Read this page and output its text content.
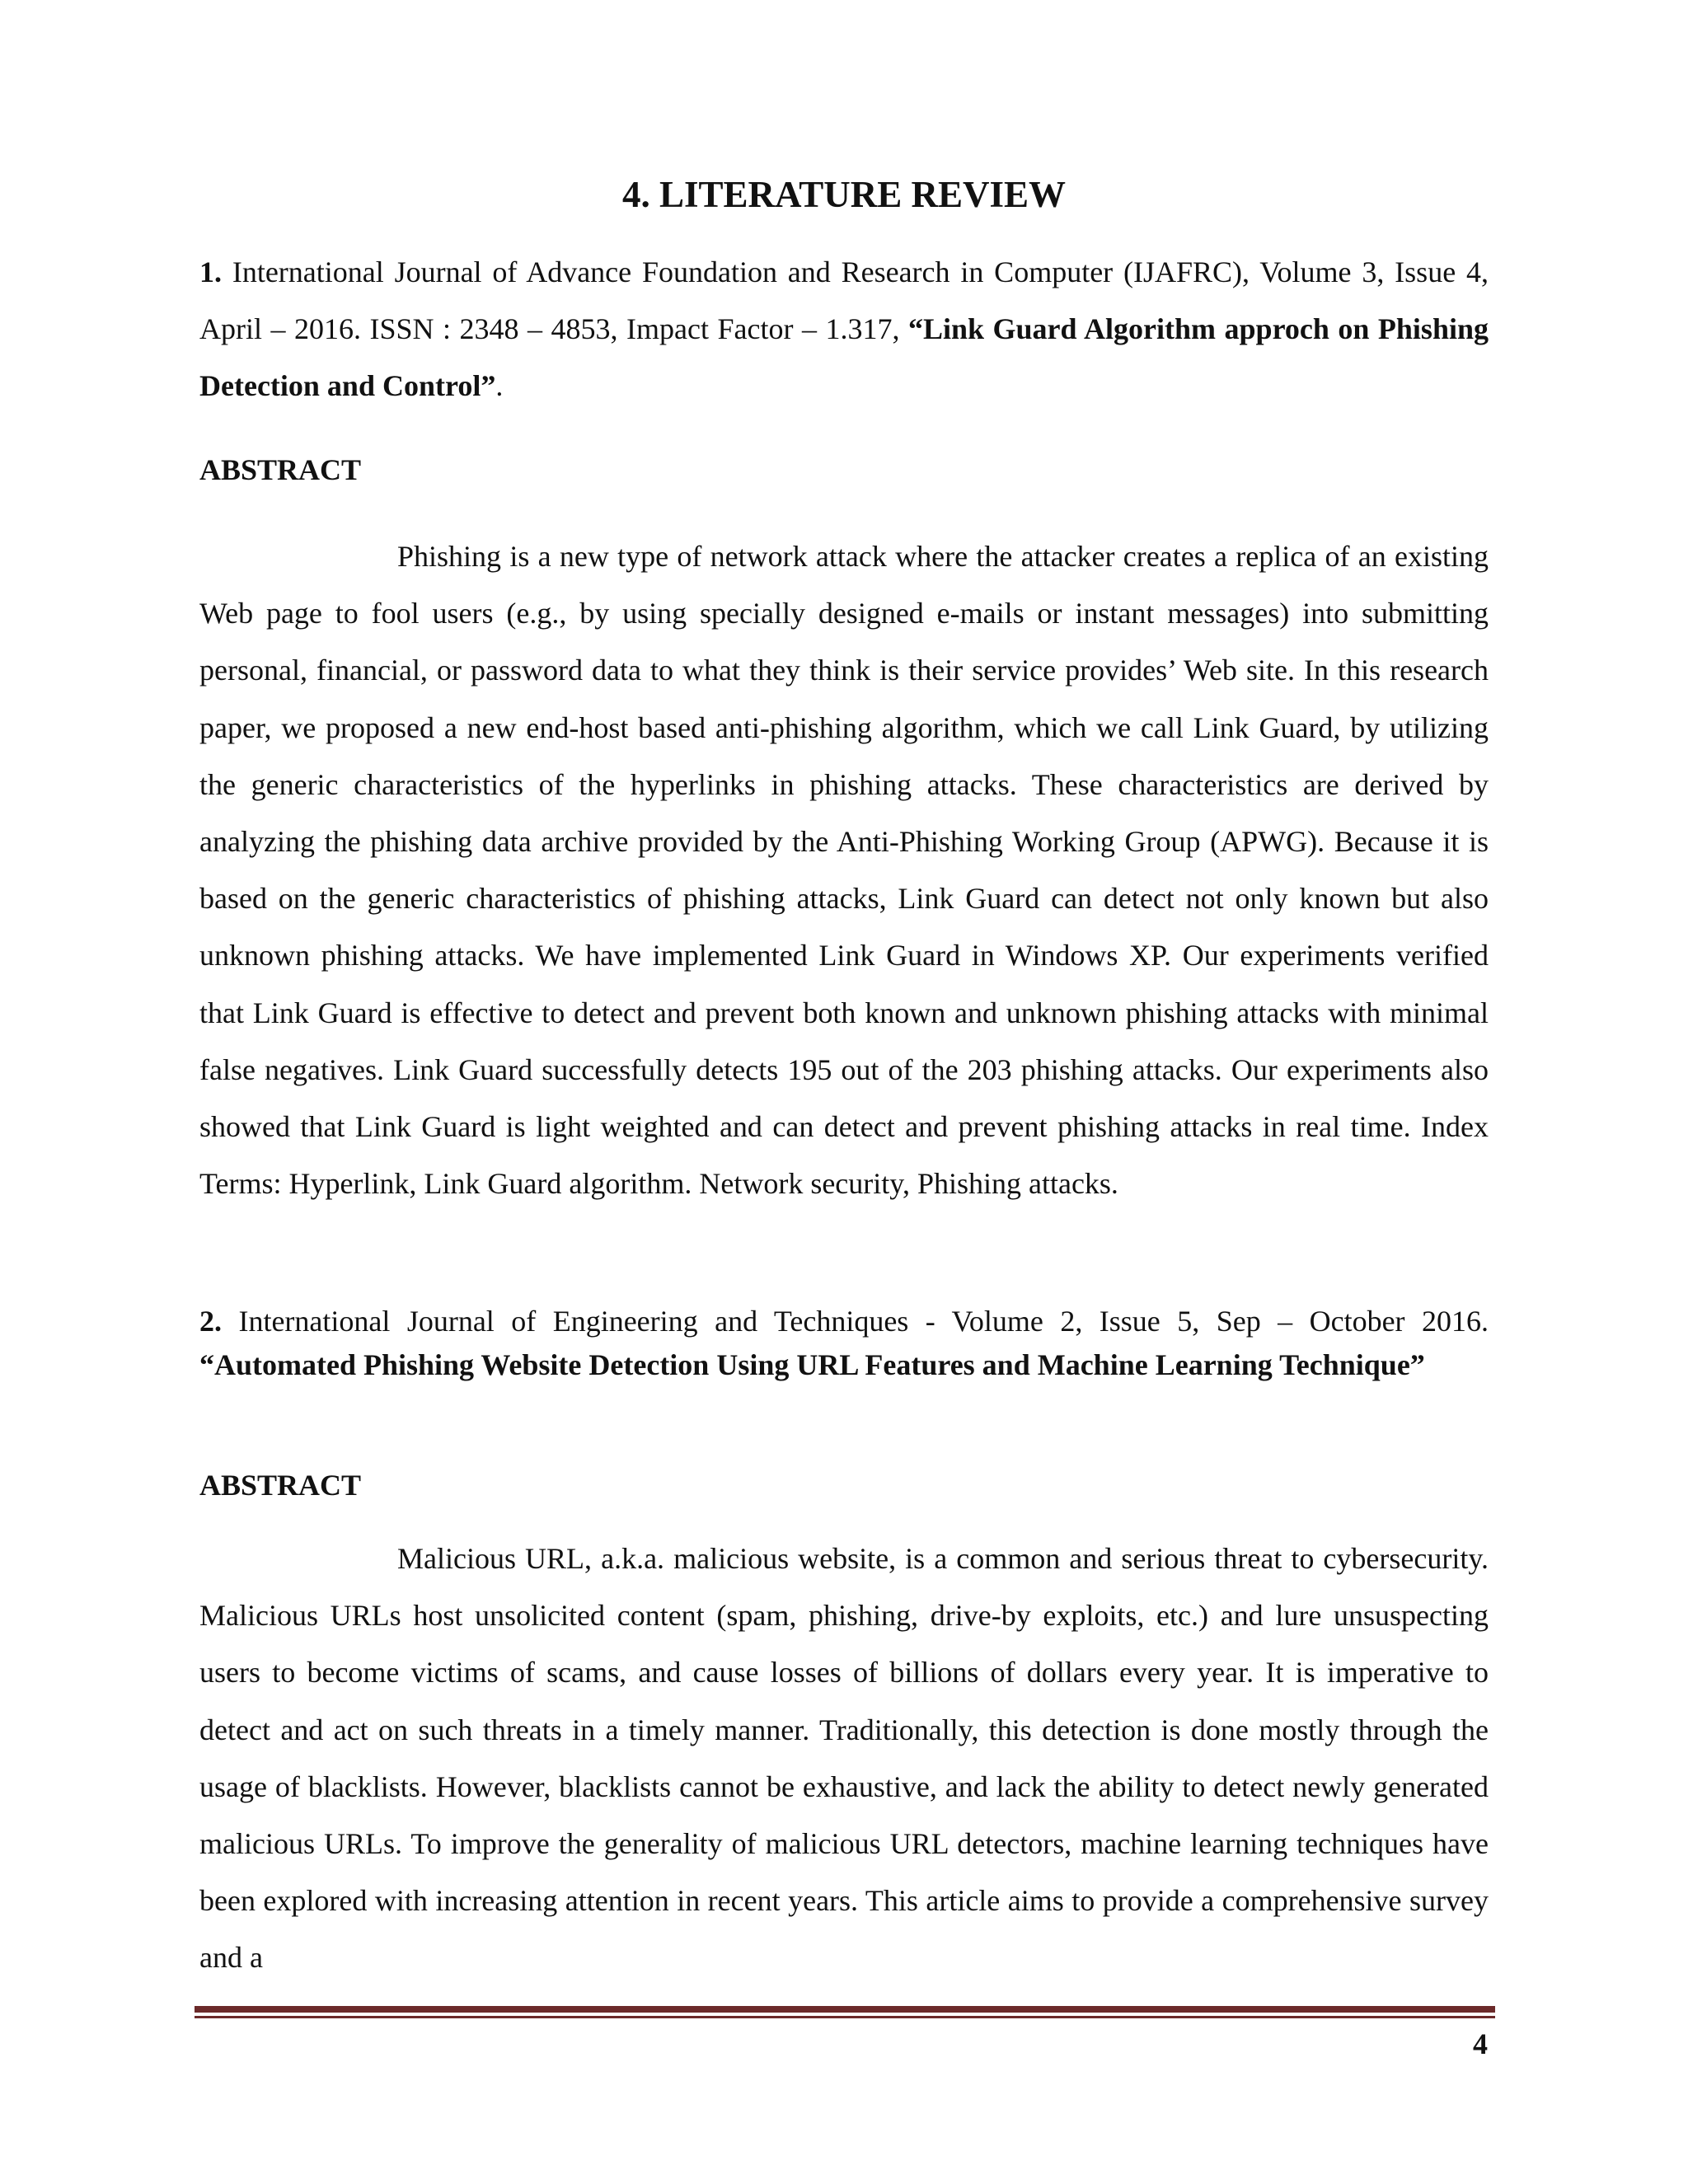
4. LITERATURE REVIEW

1. International Journal of Advance Foundation and Research in Computer (IJAFRC), Volume 3, Issue 4, April – 2016. ISSN : 2348 – 4853, Impact Factor – 1.317, “Link Guard Algorithm approch on Phishing Detection and Control”.

ABSTRACT

Phishing is a new type of network attack where the attacker creates a replica of an existing Web page to fool users (e.g., by using specially designed e-mails or instant messages) into submitting personal, financial, or password data to what they think is their service provides’ Web site. In this research paper, we proposed a new end-host based anti-phishing algorithm, which we call Link Guard, by utilizing the generic characteristics of the hyperlinks in phishing attacks. These characteristics are derived by analyzing the phishing data archive provided by the Anti-Phishing Working Group (APWG). Because it is based on the generic characteristics of phishing attacks, Link Guard can detect not only known but also unknown phishing attacks. We have implemented Link Guard in Windows XP. Our experiments verified that Link Guard is effective to detect and prevent both known and unknown phishing attacks with minimal false negatives. Link Guard successfully detects 195 out of the 203 phishing attacks. Our experiments also showed that Link Guard is light weighted and can detect and prevent phishing attacks in real time. Index Terms: Hyperlink, Link Guard algorithm. Network security, Phishing attacks.

2. International Journal of Engineering and Techniques - Volume 2, Issue 5, Sep – October 2016. “Automated Phishing Website Detection Using URL Features and Machine Learning Technique”

ABSTRACT

Malicious URL, a.k.a. malicious website, is a common and serious threat to cybersecurity. Malicious URLs host unsolicited content (spam, phishing, drive-by exploits, etc.) and lure unsuspecting users to become victims of scams, and cause losses of billions of dollars every year. It is imperative to detect and act on such threats in a timely manner. Traditionally, this detection is done mostly through the usage of blacklists. However, blacklists cannot be exhaustive, and lack the ability to detect newly generated malicious URLs. To improve the generality of malicious URL detectors, machine learning techniques have been explored with increasing attention in recent years. This article aims to provide a comprehensive survey and a

4
